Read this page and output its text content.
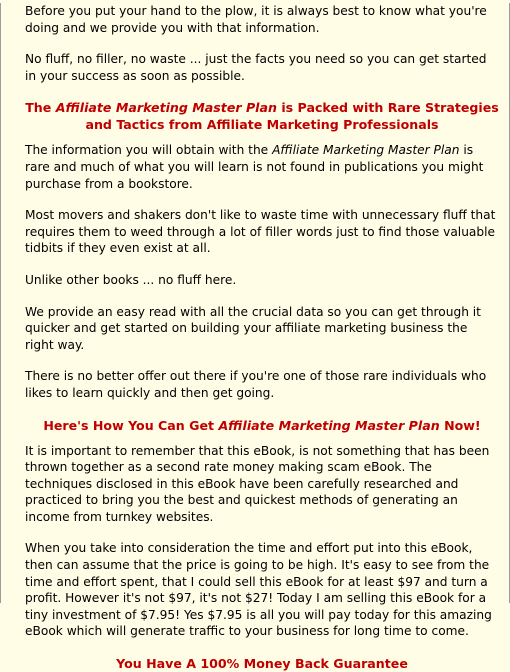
Before you put your hand to the plow, it is always best to know what you're doing and we provide you with that information.

No fluff, no filler, no waste ... just the facts you need so you can get started in your success as soon as possible.

The Affiliate Marketing Master Plan is Packed with Rare Strategies and Tactics from Affiliate Marketing Professionals

The information you will obtain with the Affiliate Marketing Master Plan is rare and much of what you will learn is not found in publications you might purchase from a bookstore.

Most movers and shakers don't like to waste time with unnecessary fluff that requires them to weed through a lot of filler words just to find those valuable tidbits if they even exist at all.

Unlike other books ... no fluff here.

We provide an easy read with all the crucial data so you can get through it quicker and get started on building your affiliate marketing business the right way.

There is no better offer out there if you're one of those rare individuals who likes to learn quickly and then get going.

Here's How You Can Get Affiliate Marketing Master Plan Now!

It is important to remember that this eBook, is not something that has been thrown together as a second rate money making scam eBook. The techniques disclosed in this eBook have been carefully researched and practiced to bring you the best and quickest methods of generating an income from turnkey websites.

When you take into consideration the time and effort put into this eBook, then can assume that the price is going to be high. It's easy to see from the time and effort spent, that I could sell this eBook for at least $97 and turn a profit. However it's not $97, it's not $27! Today I am selling this eBook for a tiny investment of $7.95! Yes $7.95 is all you will pay today for this amazing eBook which will generate traffic to your business for long time to come.

You Have A 100% Money Back Guarantee
